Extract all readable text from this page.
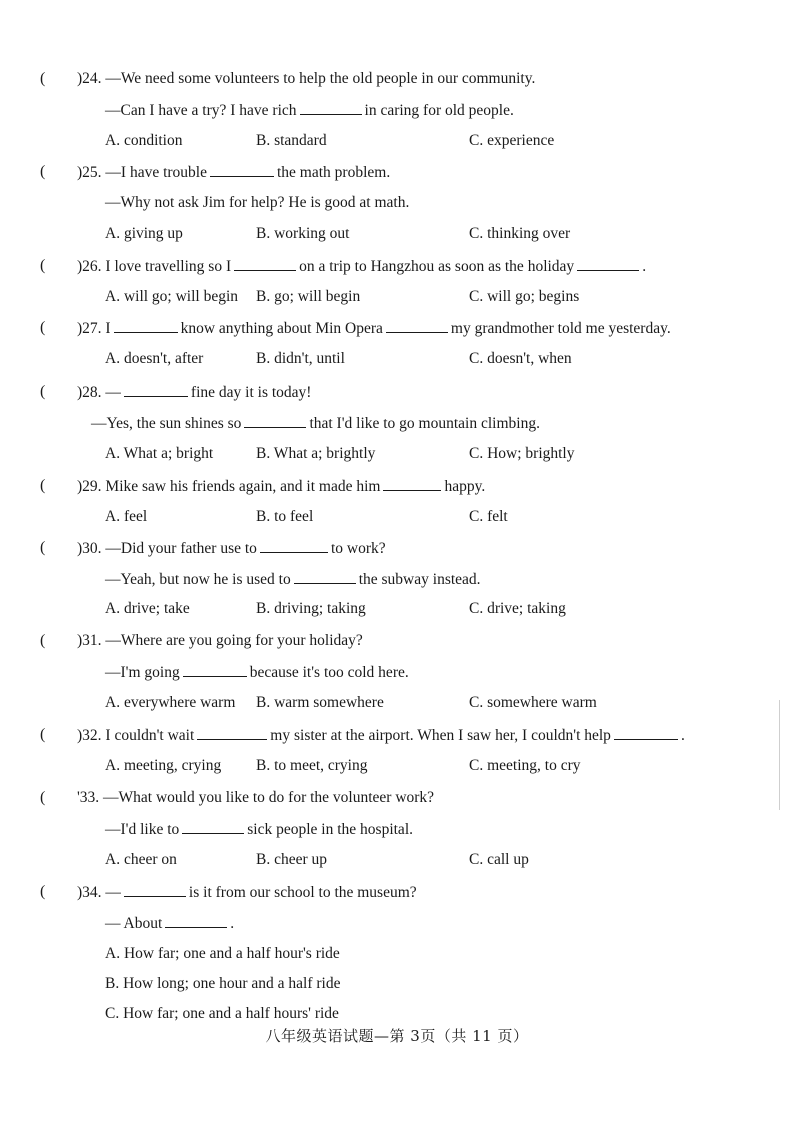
( )24. —We need some volunteers to help the old people in our community.
—Can I have a try? I have rich	in caring for old people.
A. condition	B. standard	C. experience
( )25. —I have trouble	the math problem.
—Why not ask Jim for help? He is good at math.
A. giving up	B. working out	C. thinking over
( )26. I love travelling so I	on a trip to Hangzhou as soon as the holiday	.
A. will go; will begin B. go; will begin	C. will go; begins
( )27. I	know anything about Min Opera	my grandmother told me yesterday.
A. doesn't, after	B. didn't, until	C. doesn't, when
( )28. —	fine day it is today!
—Yes, the sun shines so	that I'd like to go mountain climbing.
A. What a; bright	B. What a; brightly	C. How; brightly
( )29. Mike saw his friends again, and it made him	happy.
A. feel	B. to feel	C. felt
( )30. —Did your father use to	to work?
—Yeah, but now he is used to	the subway instead.
A. drive; take	B. driving; taking	C. drive; taking
( )31. —Where are you going for your holiday?
—I'm going	because it's too cold here.
A. everywhere warm B. warm somewhere	C. somewhere warm
( )32. I couldn't wait	my sister at the airport. When I saw her, I couldn't help	.
A. meeting, crying B. to meet, crying	C. meeting, to cry
( '33. —What would you like to do for the volunteer work?
—I'd like to	sick people in the hospital.
A. cheer on	B. cheer up	C. call up
( )34. —	is it from our school to the museum?
— About	.
A. How far; one and a half hour's ride
B. How long; one hour and a half ride
C. How far; one and a half hours' ride
八年级英语试题—第 3页（共 11 页）
